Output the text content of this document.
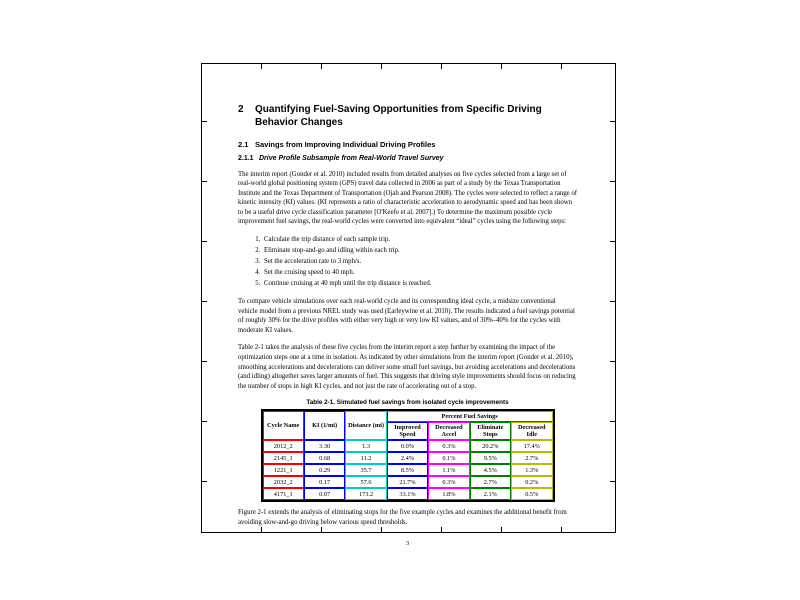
2	Quantifying Fuel-Saving Opportunities from Specific Driving Behavior Changes
2.1 Savings from Improving Individual Driving Profiles
2.1.1 Drive Profile Subsample from Real-World Travel Survey

The interim report (Gonder et al. 2010) included results from detailed analyses on five cycles selected from a large set of real-world global positioning system (GPS) travel data collected in 2006 as part of a study by the Texas Transportation Institute and the Texas Department of Transportation (Ojah and Pearson 2008). The cycles were selected to reflect a range of kinetic intensity (KI) values. (KI represents a ratio of characteristic acceleration to aerodynamic speed and has been shown to be a useful drive cycle classification parameter [O'Keefe et al. 2007].) To determine the maximum possible cycle improvement fuel savings, the real-world cycles were converted into equivalent “ideal” cycles using the following steps:

1. Calculate the trip distance of each sample trip.
2. Eliminate stop-and-go and idling within each trip.
3. Set the acceleration rate to 3 mph/s.
4. Set the cruising speed to 40 mph.
5. Continue cruising at 40 mph until the trip distance is reached.

To compare vehicle simulations over each real-world cycle and its corresponding ideal cycle, a midsize conventional vehicle model from a previous NREL study was used (Earleywine et al. 2010). The results indicated a fuel savings potential of roughly 30% for the drive profiles with either very high or very low KI values, and of 30%–40% for the cycles with moderate KI values.

Table 2-1 takes the analysis of these five cycles from the interim report a step further by examining the impact of the optimization steps one at a time in isolation. As indicated by other simulations from the interim report (Gonder et al. 2010), smoothing accelerations and decelerations can deliver some small fuel savings, but avoiding accelerations and decelerations (and idling) altogether saves larger amounts of fuel. This suggests that driving style improvements should focus on reducing the number of stops in high KI cycles, and not just the rate of accelerating out of a stop.

Table 2-1. Simulated fuel savings from isolated cycle improvements
Cycle Name	KI (1/mi)	Distance (mi)	Percent Fuel Savings			
			Improved Speed	Decreased Accel	Eliminate Stops	Decreased Idle
2012_2	3.30	1.3	0.0%	0.3%	20.2%	17.4%
2145_1	0.68	11.2	2.4%	0.1%	9.5%	2.7%
1221_1	0.29	35.7	8.5%	1.1%	4.5%	1.3%
2032_2	0.17	57.6	21.7%	0.3%	2.7%	0.2%
4171_1	0.07	173.2	33.1%	1.8%	2.1%	0.5%

Figure 2-1 extends the analysis of eliminating stops for the five example cycles and examines the additional benefit from avoiding slow-and-go driving below various speed thresholds.

3
